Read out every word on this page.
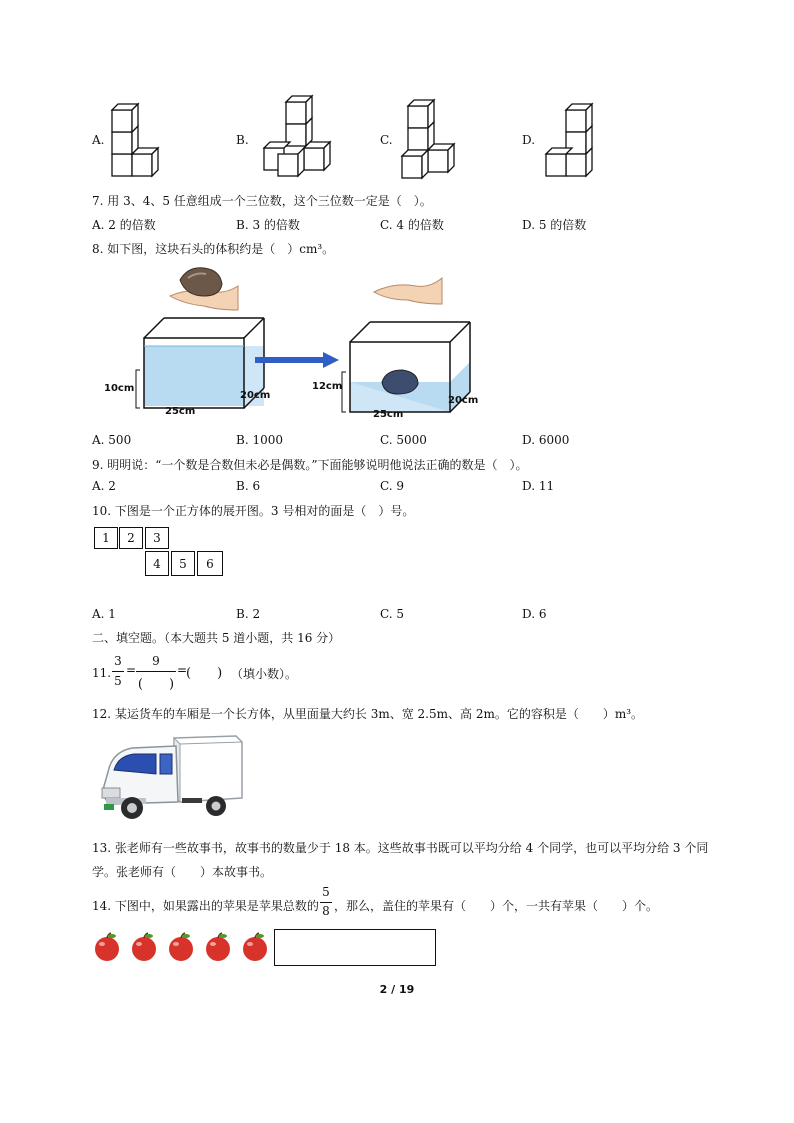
A.	B.	C.	D.
7. 用 3、4、5 任意组成一个三位数，这个三位数一定是（　）。
A. 2 的倍数	B. 3 的倍数	C. 4 的倍数	D. 5 的倍数
8. 如下图，这块石头的体积约是（　）cm³。
10cm
25cm
20cm
12cm
25cm
20cm
A. 500	B. 1000	C. 5000	D. 6000
9. 明明说：“一个数是合数但未必是偶数。”下面能够说明他说法正确的数是（　）。
A. 2	B. 6	C. 9	D. 11
10. 下图是一个正方体的展开图。3 号相对的面是（　）号。
1	2	3
4	5	6
A. 1	B. 2	C. 5	D. 6
二、填空题。（本大题共 5 道小题，共 16 分）
11.
3
5
=
9
(　　)
=
(　　) （填小数）。
12. 某运货车的车厢是一个长方体，从里面量大约长 3m、宽 2.5m、高 2m。它的容积是（　　）m³。
13. 张老师有一些故事书，故事书的数量少于 18 本。这些故事书既可以平均分给 4 个同学，也可以平均分给 3 个同
学。张老师有（　　）本故事书。
14. 下图中，如果露出的苹果是苹果总数的
5
8 ，那么，盖住的苹果有（　　）个，一共有苹果（　　）个。
2 / 19
